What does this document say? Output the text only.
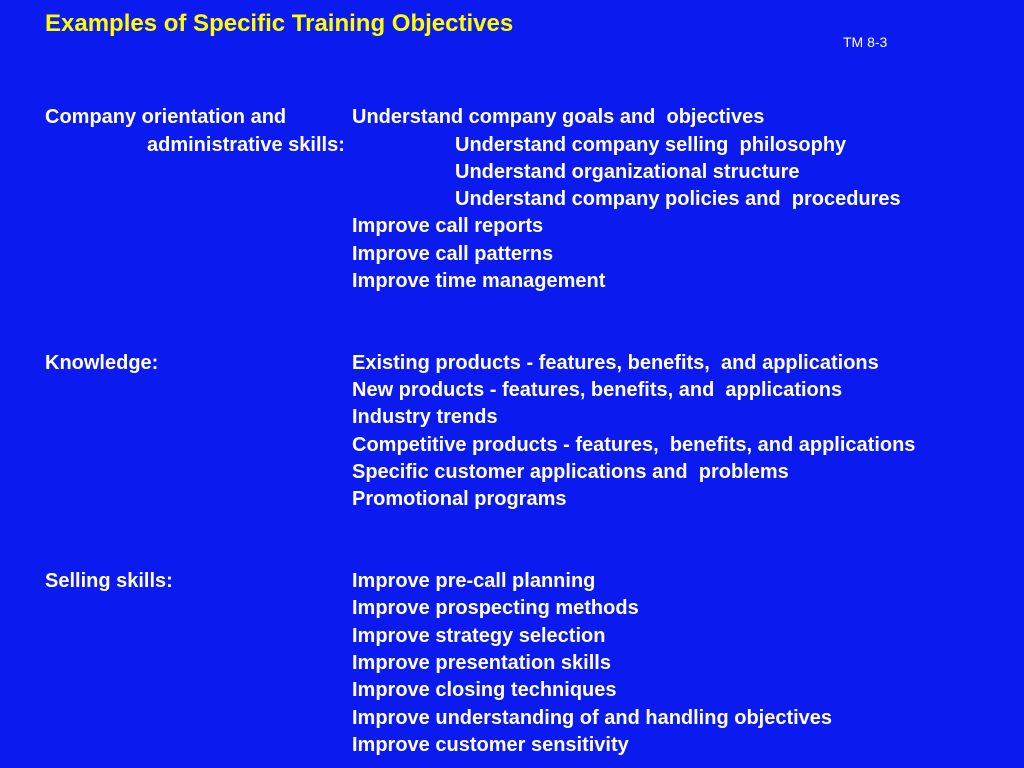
Examples of Specific Training Objectives
TM 8-3
Company orientation and
administrative skills:
Understand company goals and  objectives
Understand company selling  philosophy
Understand organizational structure
Understand company policies and  procedures
Improve call reports
Improve call patterns
Improve time management
Knowledge:	Existing products - features, benefits,  and applications
New products - features, benefits, and  applications
Industry trends
Competitive products - features,  benefits, and applications
Specific customer applications and  problems
Promotional programs
Selling skills:	Improve pre-call planning
Improve prospecting methods
Improve strategy selection
Improve presentation skills
Improve closing techniques
Improve understanding of and handling objectives
Improve customer sensitivity
